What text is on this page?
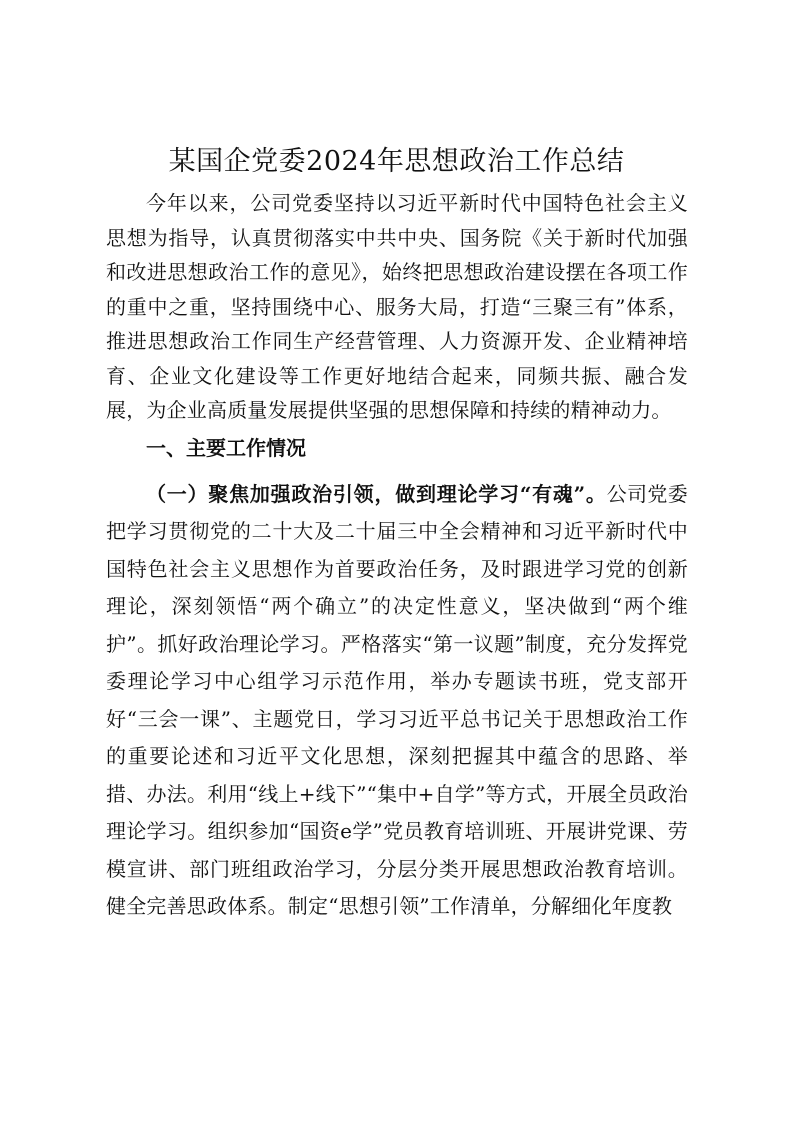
某国企党委2024年思想政治工作总结

今年以来，公司党委坚持以习近平新时代中国特色社会主义思想为指导，认真贯彻落实中共中央、国务院《关于新时代加强和改进思想政治工作的意见》，始终把思想政治建设摆在各项工作的重中之重，坚持围绕中心、服务大局，打造“三聚三有”体系，推进思想政治工作同生产经营管理、人力资源开发、企业精神培育、企业文化建设等工作更好地结合起来，同频共振、融合发展，为企业高质量发展提供坚强的思想保障和持续的精神动力。

一、主要工作情况

（一）聚焦加强政治引领，做到理论学习“有魂”。公司党委把学习贯彻党的二十大及二十届三中全会精神和习近平新时代中国特色社会主义思想作为首要政治任务，及时跟进学习党的创新理论，深刻领悟“两个确立”的决定性意义，坚决做到“两个维护”。抓好政治理论学习。严格落实“第一议题”制度，充分发挥党委理论学习中心组学习示范作用，举办专题读书班，党支部开好“三会一课”、主题党日，学习习近平总书记关于思想政治工作的重要论述和习近平文化思想，深刻把握其中蕴含的思路、举措、办法。利用“线上+线下”“集中+自学”等方式，开展全员政治理论学习。组织参加“国资e学”党员教育培训班、开展讲党课、劳模宣讲、部门班组政治学习，分层分类开展思想政治教育培训。健全完善思政体系。制定“思想引领”工作清单，分解细化年度教
